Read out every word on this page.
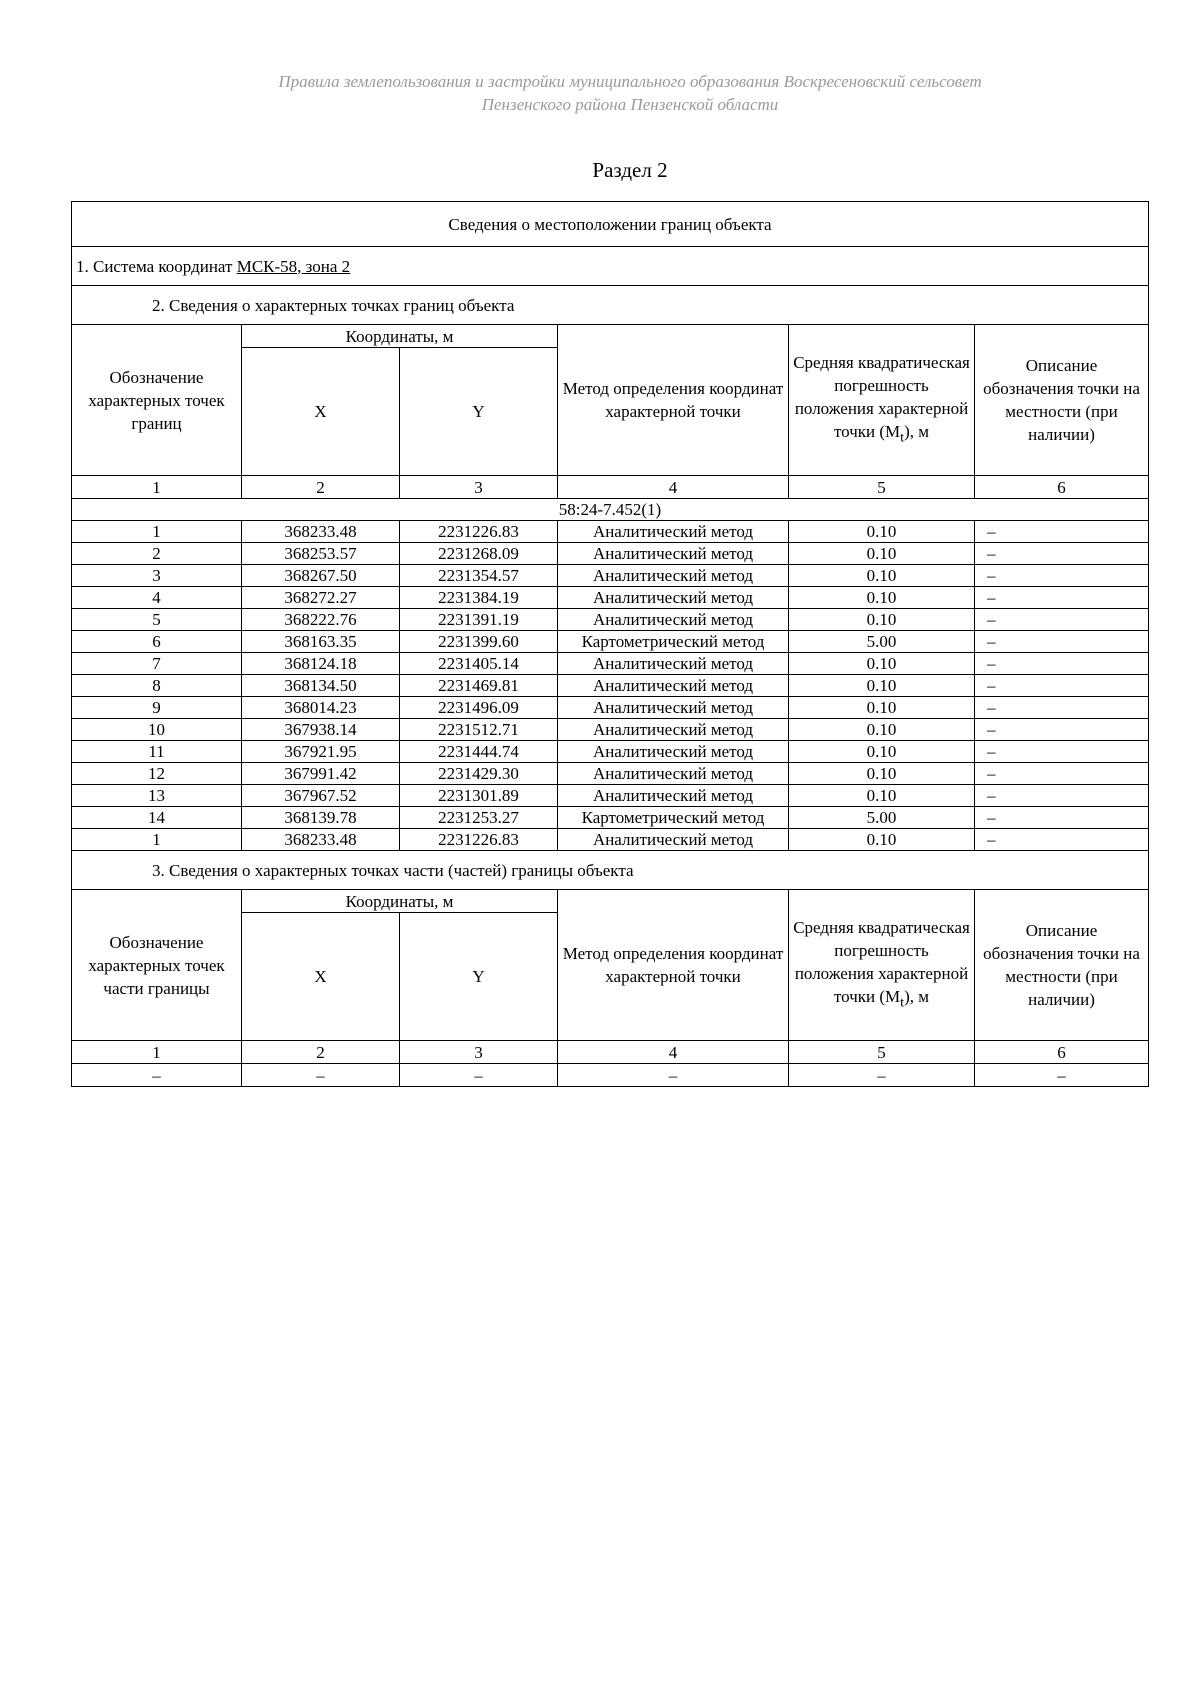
Правила землепользования и застройки муниципального образования Воскресеновский сельсовет
Пензенского района Пензенской области
Раздел 2
Сведения о местоположении границ объекта					
1. Система координат МСК-58, зона 2					
2. Сведения о характерных точках границ объекта					
Обозначение характерных точек границ	Координаты, м		Метод определения координат характерной точки	Средняя квадратическая погрешность положения характерной точки $(M_t)$, м	Описание обозначения точки на местности (при наличии)
	X	Y			
1	2	3	4	5	6
58:24-7.452(1)					
1	368233.48	2231226.83	Аналитический метод	0.10	–
2	368253.57	2231268.09	Аналитический метод	0.10	–
3	368267.50	2231354.57	Аналитический метод	0.10	–
4	368272.27	2231384.19	Аналитический метод	0.10	–
5	368222.76	2231391.19	Аналитический метод	0.10	–
6	368163.35	2231399.60	Картометрический метод	5.00	–
7	368124.18	2231405.14	Аналитический метод	0.10	–
8	368134.50	2231469.81	Аналитический метод	0.10	–
9	368014.23	2231496.09	Аналитический метод	0.10	–
10	367938.14	2231512.71	Аналитический метод	0.10	–
11	367921.95	2231444.74	Аналитический метод	0.10	–
12	367991.42	2231429.30	Аналитический метод	0.10	–
13	367967.52	2231301.89	Аналитический метод	0.10	–
14	368139.78	2231253.27	Картометрический метод	5.00	–
1	368233.48	2231226.83	Аналитический метод	0.10	–
3. Сведения о характерных точках части (частей) границы объекта					
Обозначение характерных точек части границы	Координаты, м		Метод определения координат характерной точки	Средняя квадратическая погрешность положения характерной точки $(M_t)$, м	Описание обозначения точки на местности (при наличии)
	X	Y			
1	2	3	4	5	6
–	–	–	–	–	–
